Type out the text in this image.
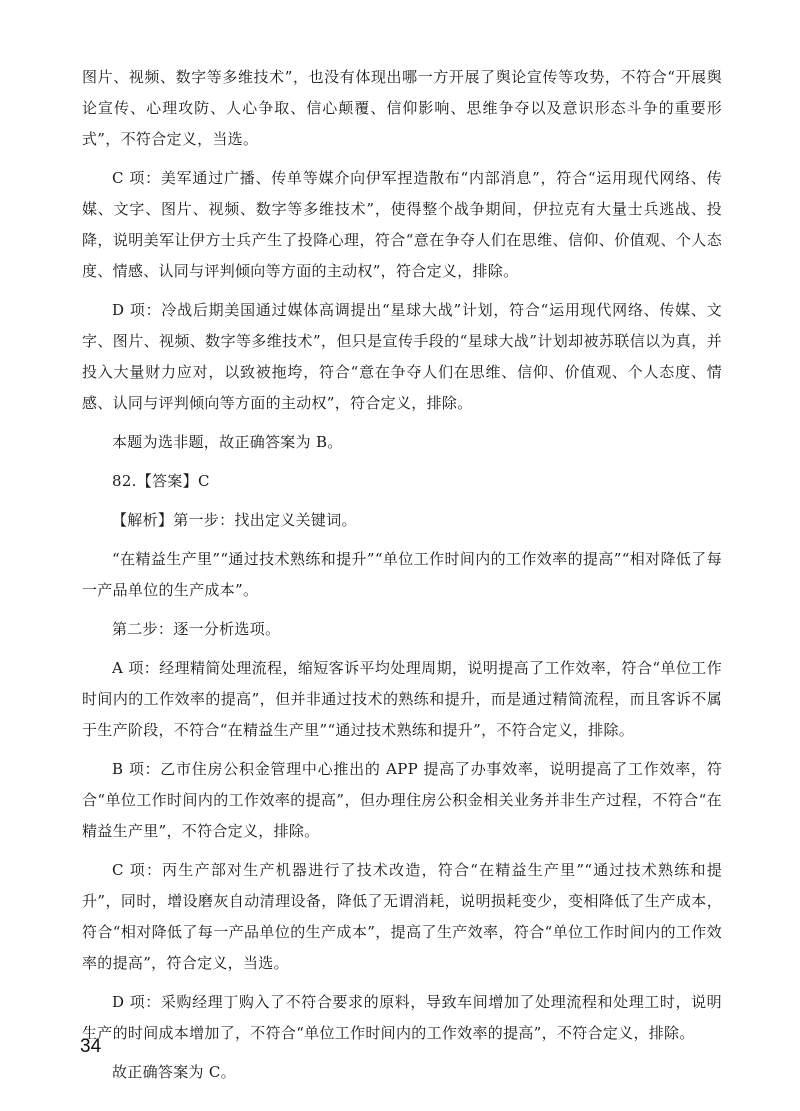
图片、视频、数字等多维技术”，也没有体现出哪一方开展了舆论宣传等攻势，不符合“开展舆论宣传、心理攻防、人心争取、信心颠覆、信仰影响、思维争夺以及意识形态斗争的重要形式”，不符合定义，当选。

C 项：美军通过广播、传单等媒介向伊军捏造散布“内部消息”，符合“运用现代网络、传媒、文字、图片、视频、数字等多维技术”，使得整个战争期间，伊拉克有大量士兵逃战、投降，说明美军让伊方士兵产生了投降心理，符合“意在争夺人们在思维、信仰、价值观、个人态度、情感、认同与评判倾向等方面的主动权”，符合定义，排除。

D 项：冷战后期美国通过媒体高调提出“星球大战”计划，符合“运用现代网络、传媒、文字、图片、视频、数字等多维技术”，但只是宣传手段的“星球大战”计划却被苏联信以为真，并投入大量财力应对，以致被拖垮，符合“意在争夺人们在思维、信仰、价值观、个人态度、情感、认同与评判倾向等方面的主动权”，符合定义，排除。

本题为选非题，故正确答案为 B。

82.【答案】C

【解析】第一步：找出定义关键词。

“在精益生产里”“通过技术熟练和提升”“单位工作时间内的工作效率的提高”“相对降低了每一产品单位的生产成本”。

第二步：逐一分析选项。

A 项：经理精简处理流程，缩短客诉平均处理周期，说明提高了工作效率，符合“单位工作时间内的工作效率的提高”，但并非通过技术的熟练和提升，而是通过精简流程，而且客诉不属于生产阶段，不符合“在精益生产里”“通过技术熟练和提升”，不符合定义，排除。

B 项：乙市住房公积金管理中心推出的 APP 提高了办事效率，说明提高了工作效率，符合“单位工作时间内的工作效率的提高”，但办理住房公积金相关业务并非生产过程，不符合“在精益生产里”，不符合定义，排除。

C 项：丙生产部对生产机器进行了技术改造，符合“在精益生产里”“通过技术熟练和提升”，同时，增设磨灰自动清理设备，降低了无谓消耗，说明损耗变少，变相降低了生产成本，符合“相对降低了每一产品单位的生产成本”，提高了生产效率，符合“单位工作时间内的工作效率的提高”，符合定义，当选。

D 项：采购经理丁购入了不符合要求的原料，导致车间增加了处理流程和处理工时，说明生产的时间成本增加了，不符合“单位工作时间内的工作效率的提高”，不符合定义，排除。

故正确答案为 C。

34
